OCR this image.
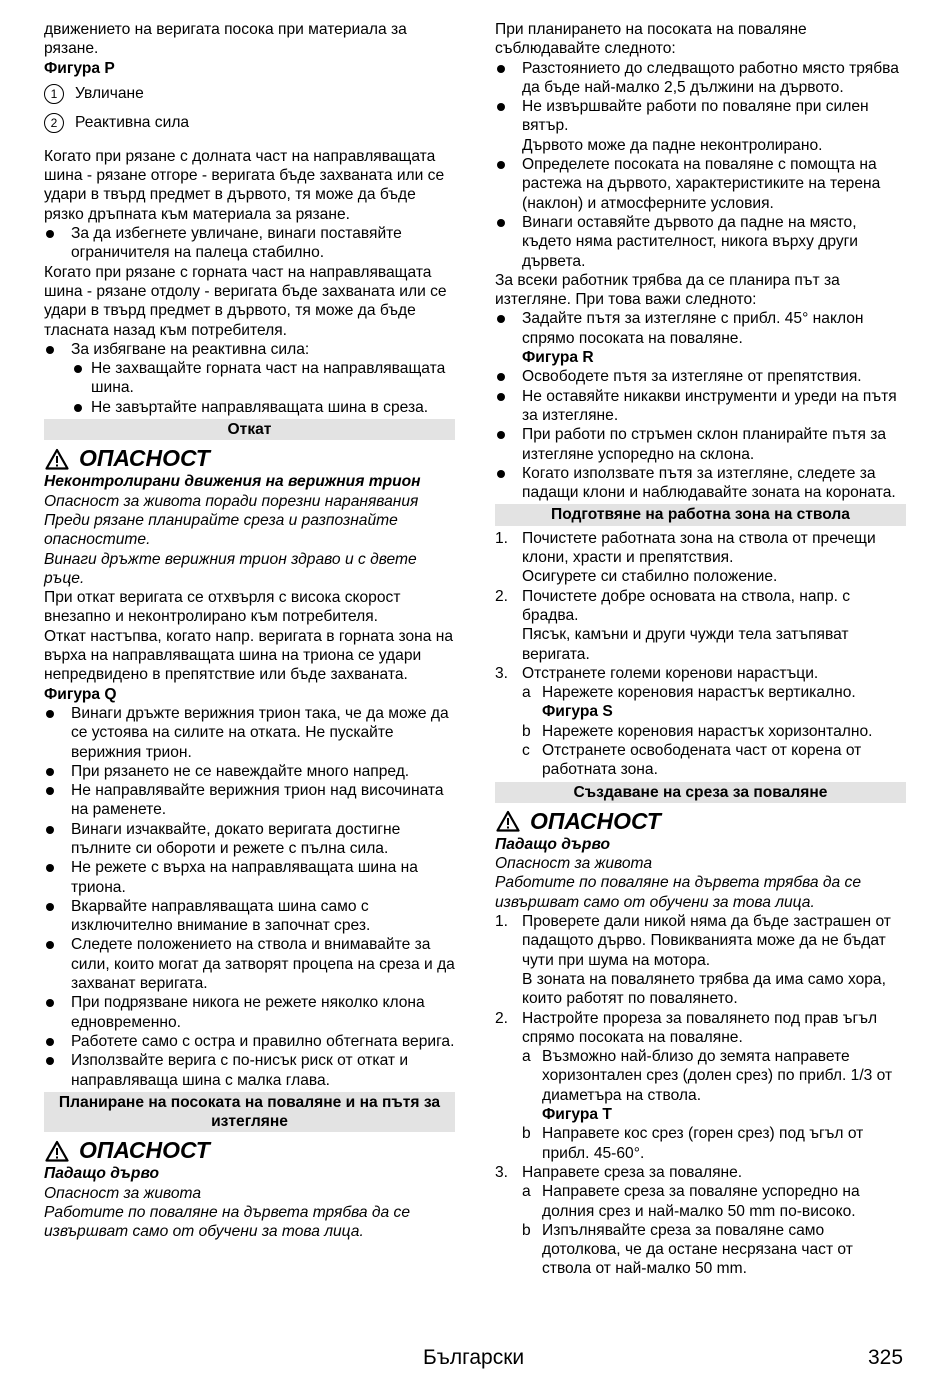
движението на веригата посока при материала за рязане.

Фигура P

1	Увличане
2	Реактивна сила

Когато при рязане с долната част на направляващата шина - рязане отгоре - веригата бъде захваната или се удари в твърд предмет в дървото, тя може да бъде рязко дръпната към материала за рязане.

За да избегнете увличане, винаги поставяйте ограничителя на палеца стабилно.

Когато при рязане с горната част на направляващата шина - рязане отдолу - веригата бъде захваната или се удари в твърд предмет в дървото, тя може да бъде тласната назад към потребителя.

За избягване на реактивна сила:

Не захващайте горната част на направляващата шина.

Не завъртайте направляващата шина в среза.

Откат
ОПАСНОСТ

Неконтролирани движения на верижния трион

Опасност за живота поради порезни наранявания

Преди рязане планирайте среза и разпознайте опасностите.

Винаги дръжте верижния трион здраво и с двете ръце.

При откат веригата се отхвърля с висока скорост внезапно и неконтролирано към потребителя.

Откат настъпва, когато напр. веригата в горната зона на върха на направляващата шина на триона се удари непредвидено в препятствие или бъде захваната.

Фигура Q

Винаги дръжте верижния трион така, че да може да се устоява на силите на отката. Не пускайте верижния трион.

При рязането не се навеждайте много напред.

Не направлявайте верижния трион над височината на раменете.

Винаги изчаквайте, докато веригата достигне пълните си обороти и режете с пълна сила.

Не режете с върха на направляващата шина на триона.

Вкарвайте направляващата шина само с изключително внимание в започнат срез.

Следете положението на ствола и внимавайте за сили, които могат да затворят процепа на среза и да захванат веригата.

При подрязване никога не режете няколко клона едновременно.

Работете само с остра и правилно обтегната верига.

Използвайте верига с по-нисък риск от откат и направляваща шина с малка глава.

Планиране на посоката на поваляне и на пътя за изтегляне
ОПАСНОСТ

Падащо дърво

Опасност за живота

Работите по поваляне на дървета трябва да се извършват само от обучени за това лица.

При планирането на посоката на поваляне съблюдавайте следното:

Разстоянието до следващото работно място трябва да бъде най-малко 2,5 дължини на дървото.

Не извършвайте работи по поваляне при силен вятър.

Дървото може да падне неконтролирано.

Определете посоката на поваляне с помощта на растежа на дървото, характеристиките на терена (наклон) и атмосферните условия.

Винаги оставяйте дървото да падне на място, където няма растителност, никога върху други дървета.

За всеки работник трябва да се планира път за изтегляне. При това важи следното:

Задайте пътя за изтегляне с прибл. 45° наклон спрямо посоката на поваляне.

Фигура R

Освободете пътя за изтегляне от препятствия.

Не оставяйте никакви инструменти и уреди на пътя за изтегляне.

При работи по стръмен склон планирайте пътя за изтегляне успоредно на склона.

Когато използвате пътя за изтегляне, следете за падащи клони и наблюдавайте зоната на короната.

Подготвяне на работна зона на ствола
1. Почистете работната зона на ствола от пречещи клони, храсти и препятствия.

Осигурете си стабилно положение.

2. Почистете добре основата на ствола, напр. с брадва.

Пясък, камъни и други чужди тела затъпяват веригата.

3. Отстранете големи коренови нарастъци.

a Нарежете кореновия нарастък вертикално.

Фигура S

b Нарежете кореновия нарастък хоризонтално.

c Отстранете освободената част от корена от работната зона.

Създаване на среза за поваляне
ОПАСНОСТ

Падащо дърво

Опасност за живота

Работите по поваляне на дървета трябва да се извършват само от обучени за това лица.

1. Проверете дали никой няма да бъде застрашен от падащото дърво. Повикванията може да не бъдат чути при шума на мотора.

В зоната на повалянето трябва да има само хора, които работят по повалянето.

2. Настройте прореза за повалянето под прав ъгъл спрямо посоката на поваляне.

a Възможно най-близо до земята направете хоризонтален срез (долен срез) по прибл. 1/3 от диаметъра на ствола.

Фигура T

b Направете кос срез (горен срез) под ъгъл от прибл. 45-60°.

3. Направете среза за поваляне.

a Направете среза за поваляне успоредно на долния срез и най-малко 50 mm по-високо.

b Изпълнявайте среза за поваляне само дотолкова, че да остане несрязана част от ствола от най-малко 50 mm.

Български	325
